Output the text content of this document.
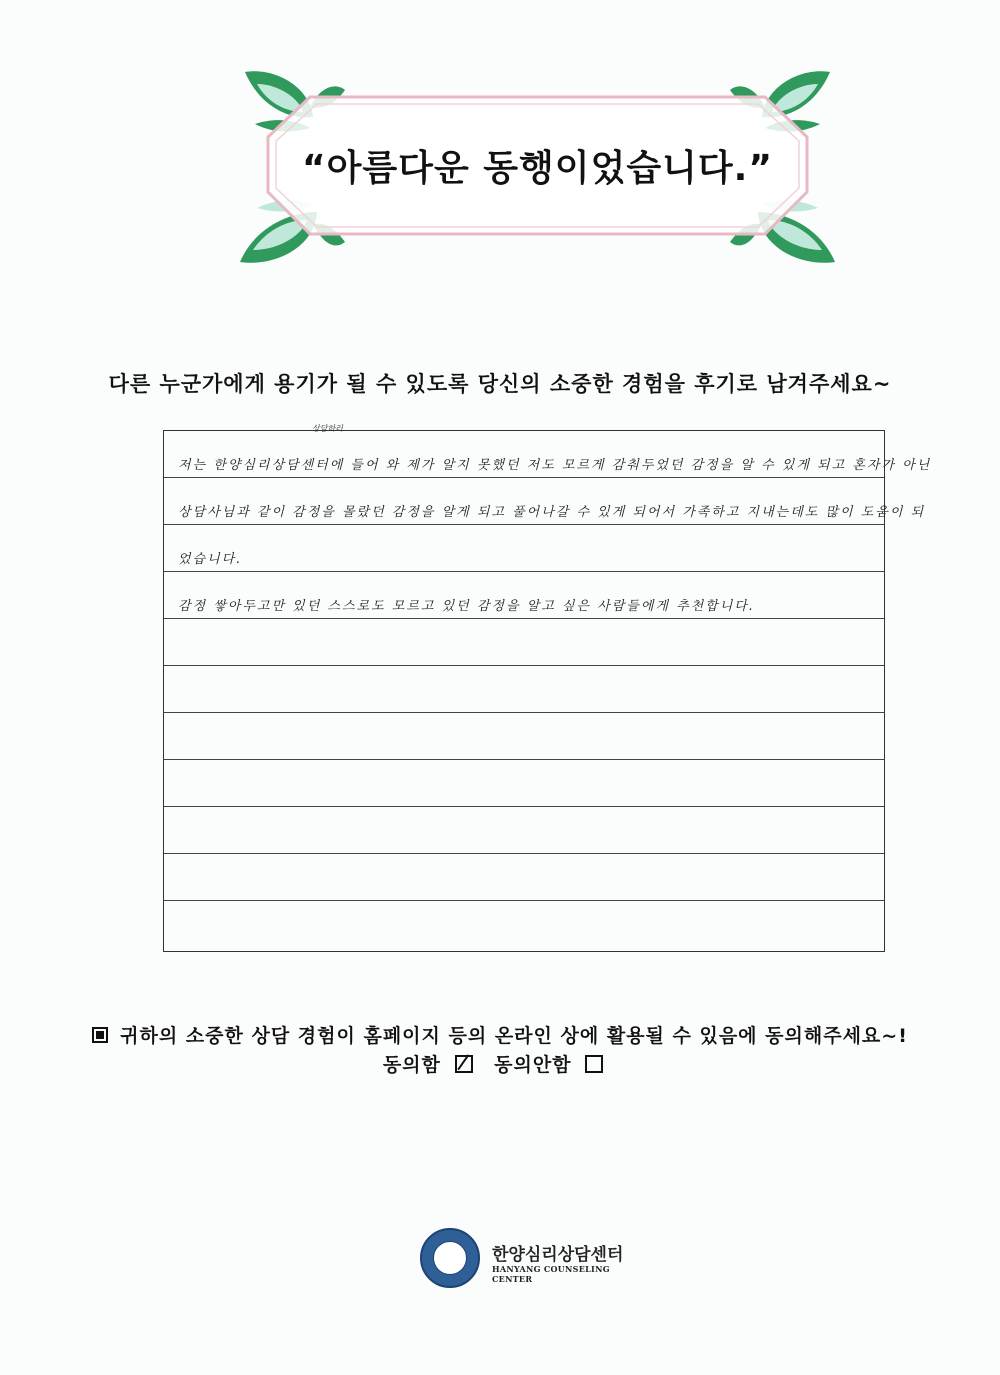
“아름다운 동행이었습니다.”
다른 누군가에게 용기가 될 수 있도록 당신의 소중한 경험을 후기로 남겨주세요~
상담하러
저는 한양심리상담센터에 들어 와 제가 알지 못했던 저도 모르게 감춰두었던 감정을 알 수 있게 되고 혼자가 아닌
상담사님과 같이 감정을 몰랐던 감정을 알게 되고 풀어나갈 수 있게 되어서 가족하고 지내는데도 많이 도움이 되
었습니다.
감정 쌓아두고만 있던 스스로도 모르고 있던 감정을 알고 싶은 사람들에게 추천합니다.
귀하의 소중한 상담 경험이 홈페이지 등의 온라인 상에 활용될 수 있음에 동의해주세요~!
동의함	동의안함
한양심리상담센터
HANYANG COUNSELING CENTER
